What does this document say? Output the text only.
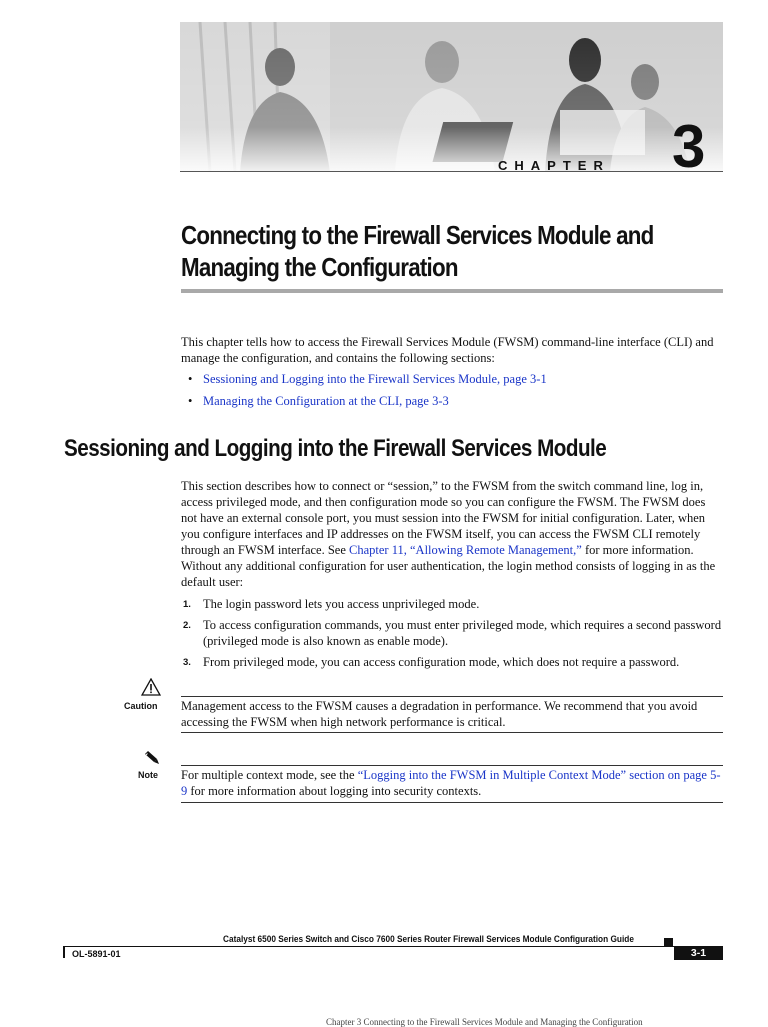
CHAPTER 3
Connecting to the Firewall Services Module and
Managing the Configuration
This chapter tells how to access the Firewall Services Module (FWSM) command-line interface (CLI) and manage the configuration, and contains the following sections:
• Sessioning and Logging into the Firewall Services Module, page 3-1
• Managing the Configuration at the CLI, page 3-3
Sessioning and Logging into the Firewall Services Module
This section describes how to connect or “session,” to the FWSM from the switch command line, log in, access privileged mode, and then configuration mode so you can configure the FWSM. The FWSM does not have an external console port, you must session into the FWSM for initial configuration. Later, when you configure interfaces and IP addresses on the FWSM itself, you can access the FWSM CLI remotely through an FWSM interface. See Chapter 11, “Allowing Remote Management,” for more information.
Without any additional configuration for user authentication, the login method consists of logging in as the default user:
1. The login password lets you access unprivileged mode.
2. To access configuration commands, you must enter privileged mode, which requires a second password (privileged mode is also known as enable mode).
3. From privileged mode, you can access configuration mode, which does not require a password.
Caution Management access to the FWSM causes a degradation in performance. We recommend that you avoid accessing the FWSM when high network performance is critical.
Note For multiple context mode, see the “Logging into the FWSM in Multiple Context Mode” section on page 5-9 for more information about logging into security contexts.
Catalyst 6500 Series Switch and Cisco 7600 Series Router Firewall Services Module Configuration Guide
OL-5891-01	3-1
Chapter 3 Connecting to the Firewall Services Module and Managing the Configuration
